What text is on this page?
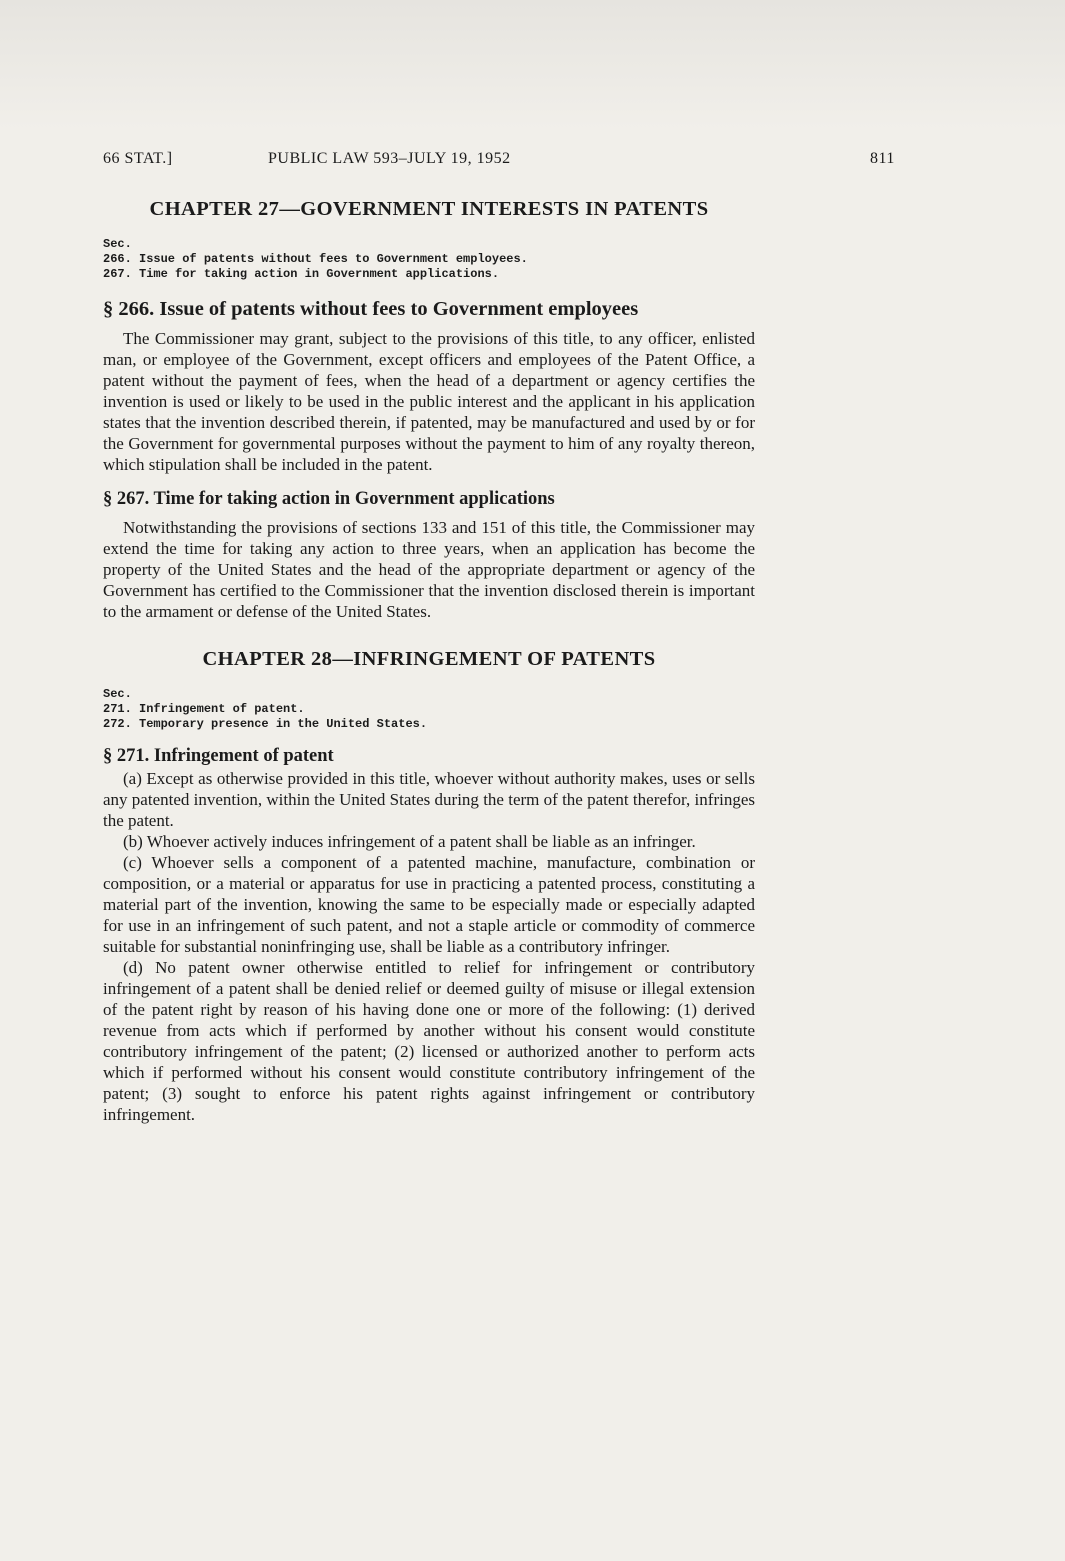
66 STAT.]	PUBLIC LAW 593–JULY 19, 1952	811
CHAPTER 27—GOVERNMENT INTERESTS IN PATENTS
Sec.
266. Issue of patents without fees to Government employees.
267. Time for taking action in Government applications.
§ 266. Issue of patents without fees to Government employees

The Commissioner may grant, subject to the provisions of this title, to any officer, enlisted man, or employee of the Government, except officers and employees of the Patent Office, a patent without the payment of fees, when the head of a department or agency certifies the invention is used or likely to be used in the public interest and the applicant in his application states that the invention described therein, if patented, may be manufactured and used by or for the Government for governmental purposes without the payment to him of any royalty thereon, which stipulation shall be included in the patent.

§ 267. Time for taking action in Government applications

Notwithstanding the provisions of sections 133 and 151 of this title, the Commissioner may extend the time for taking any action to three years, when an application has become the property of the United States and the head of the appropriate department or agency of the Government has certified to the Commissioner that the invention disclosed therein is important to the armament or defense of the United States.

CHAPTER 28—INFRINGEMENT OF PATENTS
Sec.
271. Infringement of patent.
272. Temporary presence in the United States.
§ 271. Infringement of patent

(a) Except as otherwise provided in this title, whoever without authority makes, uses or sells any patented invention, within the United States during the term of the patent therefor, infringes the patent.

(b) Whoever actively induces infringement of a patent shall be liable as an infringer.

(c) Whoever sells a component of a patented machine, manufacture, combination or composition, or a material or apparatus for use in practicing a patented process, constituting a material part of the invention, knowing the same to be especially made or especially adapted for use in an infringement of such patent, and not a staple article or commodity of commerce suitable for substantial noninfringing use, shall be liable as a contributory infringer.

(d) No patent owner otherwise entitled to relief for infringement or contributory infringement of a patent shall be denied relief or deemed guilty of misuse or illegal extension of the patent right by reason of his having done one or more of the following: (1) derived revenue from acts which if performed by another without his consent would constitute contributory infringement of the patent; (2) licensed or authorized another to perform acts which if performed without his consent would constitute contributory infringement of the patent; (3) sought to enforce his patent rights against infringement or contributory infringement.
